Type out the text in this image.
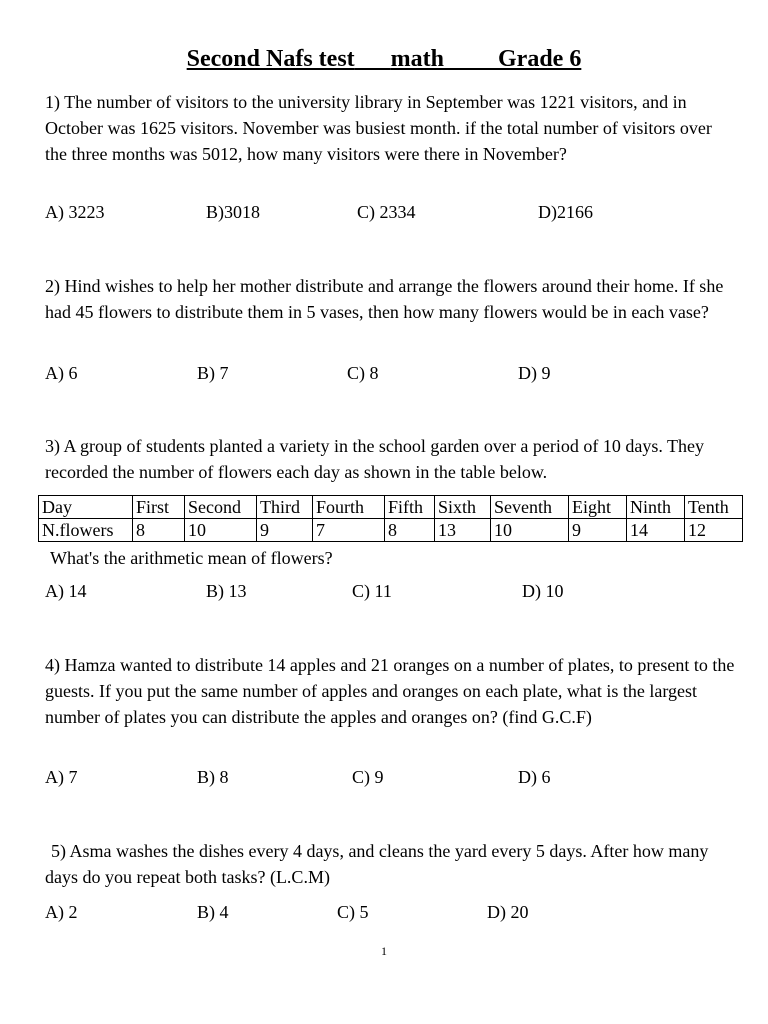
Second Nafs test math Grade 6
1) The number of visitors to the university library in September was 1221 visitors, and in October was 1625 visitors. November was busiest month. if the total number of visitors over the three months was 5012, how many visitors were there in November?
A) 3223	B)3018	C) 2334	D)2166
2) Hind wishes to help her mother distribute and arrange the flowers around their home. If she had 45 flowers to distribute them in 5 vases, then how many flowers would be in each vase?
A) 6	B) 7	C) 8	D) 9
3) A group of students planted a variety in the school garden over a period of 10 days. They recorded the number of flowers each day as shown in the table below.
Day	First	Second	Third	Fourth	Fifth	Sixth	Seventh	Eight	Ninth	Tenth
N.flowers	8	10	9	7	8	13	10	9	14	12
What's the arithmetic mean of flowers?
A) 14	B) 13	C) 11	D) 10
4) Hamza wanted to distribute 14 apples and 21 oranges on a number of plates, to present to the guests. If you put the same number of apples and oranges on each plate, what is the largest number of plates you can distribute the apples and oranges on? (find G.C.F)
A) 7	B) 8	C) 9	D) 6
5) Asma washes the dishes every 4 days, and cleans the yard every 5 days. After how many days do you repeat both tasks? (L.C.M)
A) 2	B) 4	C) 5	D) 20
1
